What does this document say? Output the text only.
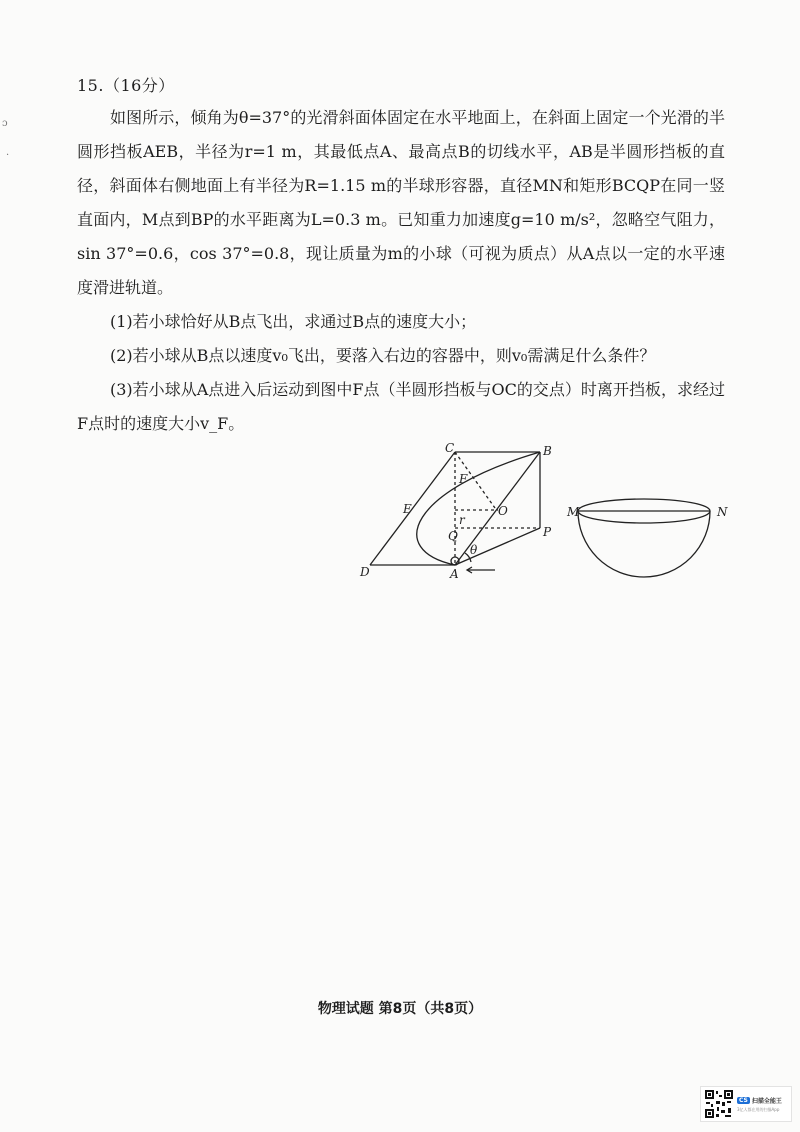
ɔ
·
15.（16分）
如图所示，倾角为θ=37°的光滑斜面体固定在水平地面上，在斜面上固定一个光滑的半圆形挡板AEB，半径为r=1 m，其最低点A、最高点B的切线水平，AB是半圆形挡板的直径，斜面体右侧地面上有半径为R=1.15 m的半球形容器，直径MN和矩形BCQP在同一竖直面内，M点到BP的水平距离为L=0.3 m。已知重力加速度g=10 m/s²，忽略空气阻力，sin 37°=0.6，cos 37°=0.8，现让质量为m的小球（可视为质点）从A点以一定的水平速度滑进轨道。
(1)若小球恰好从B点飞出，求通过B点的速度大小；
(2)若小球从B点以速度v₀飞出，要落入右边的容器中，则v₀需满足什么条件？
(3)若小球从A点进入后运动到图中F点（半圆形挡板与OC的交点）时离开挡板，求经过F点时的速度大小v_F。
C	B
F
E	O
r
Q	P
θ
D	A
M	N
物理试题 第8页（共8页）
CS 扫描全能王
3亿人都在用的扫描App
